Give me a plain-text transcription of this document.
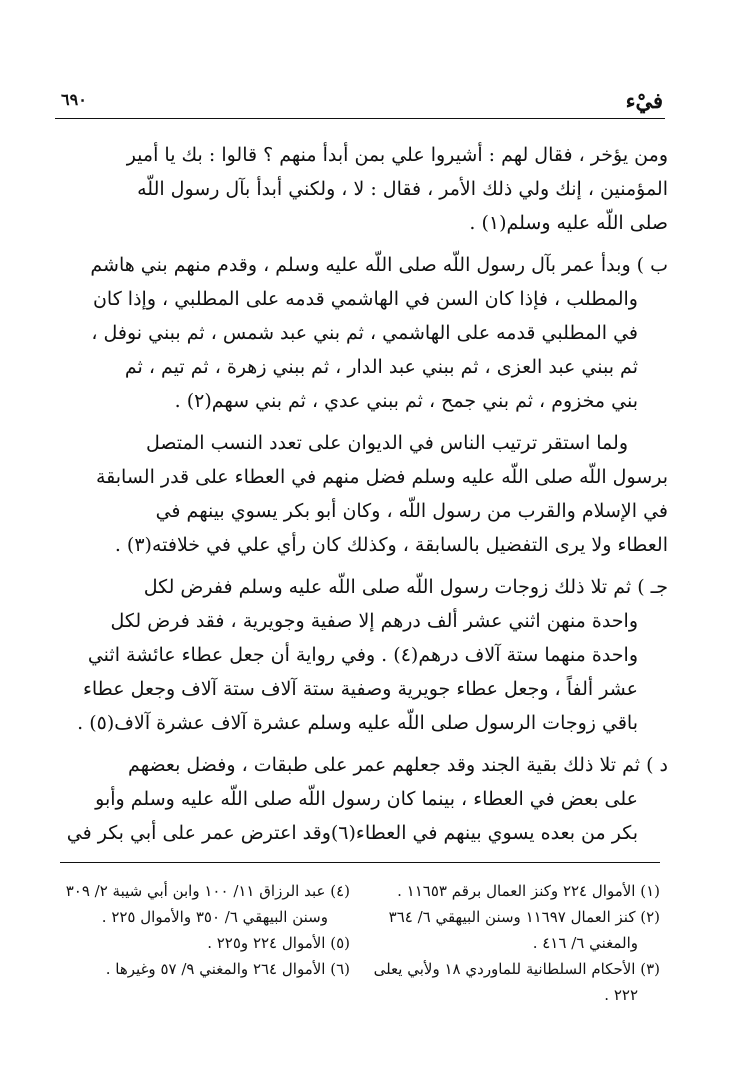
فيْء
٦٩٠
ومن يؤخر ، فقال لهم : أشيروا علي بمن أبدأ منهم ؟ قالوا : بك يا أمير
المؤمنين ، إنك ولي ذلك الأمر ، فقال : لا ، ولكني أبدأ بآل رسول اللّه
صلى اللّه عليه وسلم(١) .
ب ) وبدأ عمر بآل رسول اللّه صلى اللّه عليه وسلم ، وقدم منهم بني هاشم
والمطلب ، فإذا كان السن في الهاشمي قدمه على المطلبي ، وإذا كان
في المطلبي قدمه على الهاشمي ، ثم بني عبد شمس ، ثم ببني نوفل ،
ثم ببني عبد العزى ، ثم ببني عبد الدار ، ثم ببني زهرة ، ثم تيم ، ثم
بني مخزوم ، ثم بني جمح ، ثم ببني عدي ، ثم بني سهم(٢) .
ولما استقر ترتيب الناس في الديوان على تعدد النسب المتصل
برسول اللّه صلى اللّه عليه وسلم فضل منهم في العطاء على قدر السابقة
في الإسلام والقرب من رسول اللّه ، وكان أبو بكر يسوي بينهم في
العطاء ولا يرى التفضيل بالسابقة ، وكذلك كان رأي علي في خلافته(٣) .
جـ ) ثم تلا ذلك زوجات رسول اللّه صلى اللّه عليه وسلم ففرض لكل
واحدة منهن اثني عشر ألف درهم إلا صفية وجويرية ، فقد فرض لكل
واحدة منهما ستة آلاف درهم(٤) . وفي رواية أن جعل عطاء عائشة اثني
عشر ألفاً ، وجعل عطاء جويرية وصفية ستة آلاف ستة آلاف وجعل عطاء
باقي زوجات الرسول صلى اللّه عليه وسلم عشرة آلاف عشرة آلاف(٥) .
د ) ثم تلا ذلك بقية الجند وقد جعلهم عمر على طبقات ، وفضل بعضهم
على بعض في العطاء ، بينما كان رسول اللّه صلى اللّه عليه وسلم وأبو
بكر من بعده يسوي بينهم في العطاء(٦)وقد اعترض عمر على أبي بكر في
(١) الأموال ٢٢٤ وكنز العمال برقم ١١٦٥٣ .
(٢) كنز العمال ١١٦٩٧ وسنن البيهقي ٦/ ٣٦٤
والمغني ٦/ ٤١٦ .
(٣) الأحكام السلطانية للماوردي ١٨ ولأبي يعلى
٢٢٢ .
(٤) عبد الرزاق ١١/ ١٠٠ وابن أبي شيبة ٢/ ٣٠٩
وسنن البيهقي ٦/ ٣٥٠ والأموال ٢٢٥ .
(٥) الأموال ٢٢٤ و٢٢٥ .
(٦) الأموال ٢٦٤ والمغني ٩/ ٥٧ وغيرها .
